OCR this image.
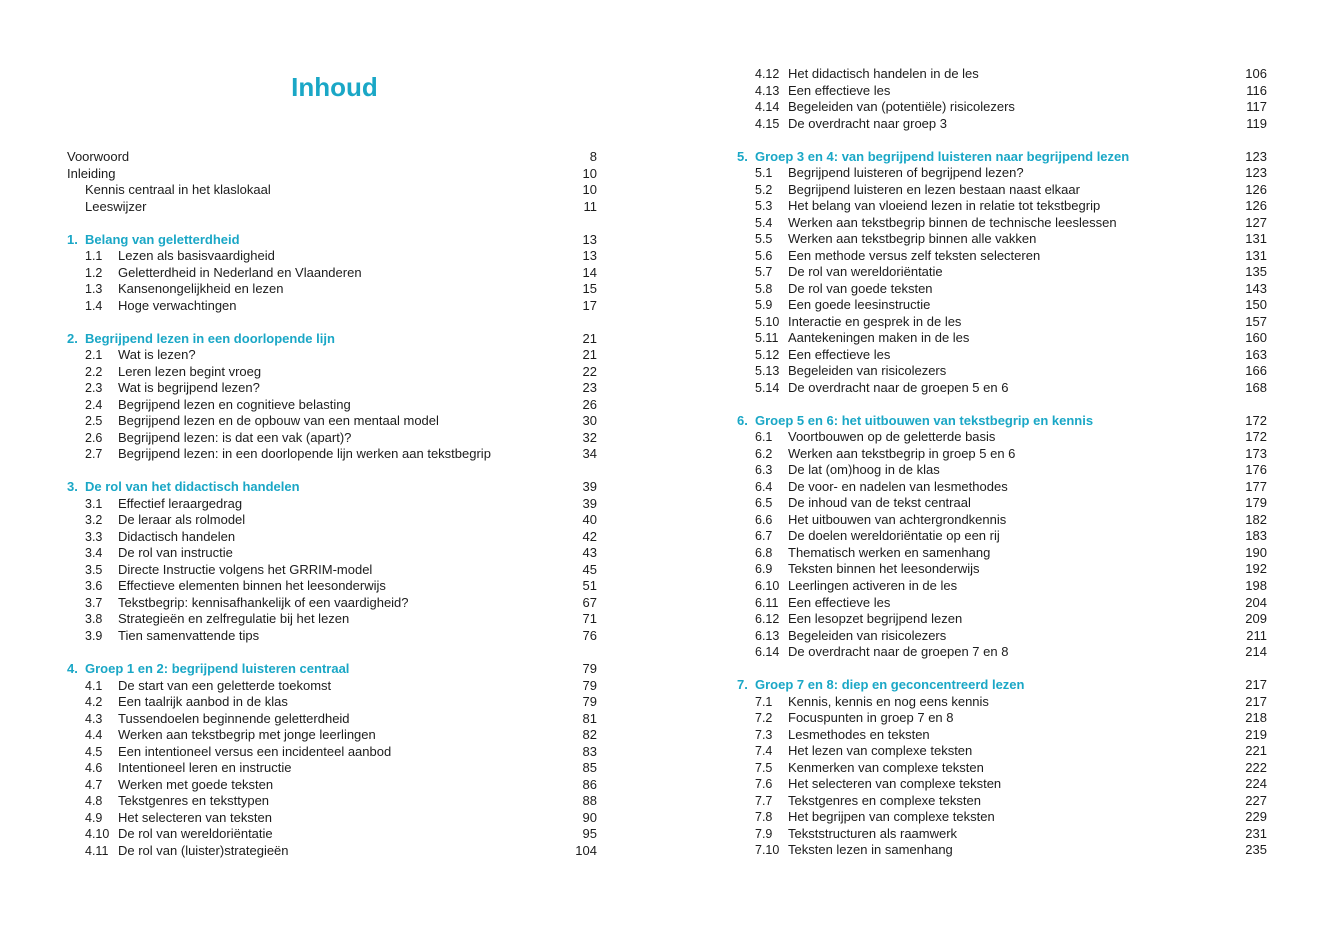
Inhoud
Voorwoord	8
Inleiding	10
Kennis centraal in het klaslokaal	10
Leeswijzer	11
1. Belang van geletterdheid	13
1.1 Lezen als basisvaardigheid	13
1.2 Geletterdheid in Nederland en Vlaanderen	14
1.3 Kansenongelijkheid en lezen	15
1.4 Hoge verwachtingen	17
2. Begrijpend lezen in een doorlopende lijn	21
2.1 Wat is lezen?	21
2.2 Leren lezen begint vroeg	22
2.3 Wat is begrijpend lezen?	23
2.4 Begrijpend lezen en cognitieve belasting	26
2.5 Begrijpend lezen en de opbouw van een mentaal model	30
2.6 Begrijpend lezen: is dat een vak (apart)?	32
2.7 Begrijpend lezen: in een doorlopende lijn werken aan tekstbegrip	34
3. De rol van het didactisch handelen	39
3.1 Effectief leraargedrag	39
3.2 De leraar als rolmodel	40
3.3 Didactisch handelen	42
3.4 De rol van instructie	43
3.5 Directe Instructie volgens het GRRIM-model	45
3.6 Effectieve elementen binnen het leesonderwijs	51
3.7 Tekstbegrip: kennisafhankelijk of een vaardigheid?	67
3.8 Strategieën en zelfregulatie bij het lezen	71
3.9 Tien samenvattende tips	76
4. Groep 1 en 2: begrijpend luisteren centraal	79
4.1 De start van een geletterde toekomst	79
4.2 Een taalrijk aanbod in de klas	79
4.3 Tussendoelen beginnende geletterdheid	81
4.4 Werken aan tekstbegrip met jonge leerlingen	82
4.5 Een intentioneel versus een incidenteel aanbod	83
4.6 Intentioneel leren en instructie	85
4.7 Werken met goede teksten	86
4.8 Tekstgenres en teksttypen	88
4.9 Het selecteren van teksten	90
4.10 De rol van wereldoriëntatie	95
4.11 De rol van (luister)strategieën	104
4.12 Het didactisch handelen in de les	106
4.13 Een effectieve les	116
4.14 Begeleiden van (potentiële) risicolezers	117
4.15 De overdracht naar groep 3	119
5. Groep 3 en 4: van begrijpend luisteren naar begrijpend lezen	123
5.1 Begrijpend luisteren of begrijpend lezen?	123
5.2 Begrijpend luisteren en lezen bestaan naast elkaar	126
5.3 Het belang van vloeiend lezen in relatie tot tekstbegrip	126
5.4 Werken aan tekstbegrip binnen de technische leeslessen	127
5.5 Werken aan tekstbegrip binnen alle vakken	131
5.6 Een methode versus zelf teksten selecteren	131
5.7 De rol van wereldoriëntatie	135
5.8 De rol van goede teksten	143
5.9 Een goede leesinstructie	150
5.10 Interactie en gesprek in de les	157
5.11 Aantekeningen maken in de les	160
5.12 Een effectieve les	163
5.13 Begeleiden van risicolezers	166
5.14 De overdracht naar de groepen 5 en 6	168
6. Groep 5 en 6: het uitbouwen van tekstbegrip en kennis	172
6.1 Voortbouwen op de geletterde basis	172
6.2 Werken aan tekstbegrip in groep 5 en 6	173
6.3 De lat (om)hoog in de klas	176
6.4 De voor- en nadelen van lesmethodes	177
6.5 De inhoud van de tekst centraal	179
6.6 Het uitbouwen van achtergrondkennis	182
6.7 De doelen wereldoriëntatie op een rij	183
6.8 Thematisch werken en samenhang	190
6.9 Teksten binnen het leesonderwijs	192
6.10 Leerlingen activeren in de les	198
6.11 Een effectieve les	204
6.12 Een lesopzet begrijpend lezen	209
6.13 Begeleiden van risicolezers	211
6.14 De overdracht naar de groepen 7 en 8	214
7. Groep 7 en 8: diep en geconcentreerd lezen	217
7.1 Kennis, kennis en nog eens kennis	217
7.2 Focuspunten in groep 7 en 8	218
7.3 Lesmethodes en teksten	219
7.4 Het lezen van complexe teksten	221
7.5 Kenmerken van complexe teksten	222
7.6 Het selecteren van complexe teksten	224
7.7 Tekstgenres en complexe teksten	227
7.8 Het begrijpen van complexe teksten	229
7.9 Tekststructuren als raamwerk	231
7.10 Teksten lezen in samenhang	235
